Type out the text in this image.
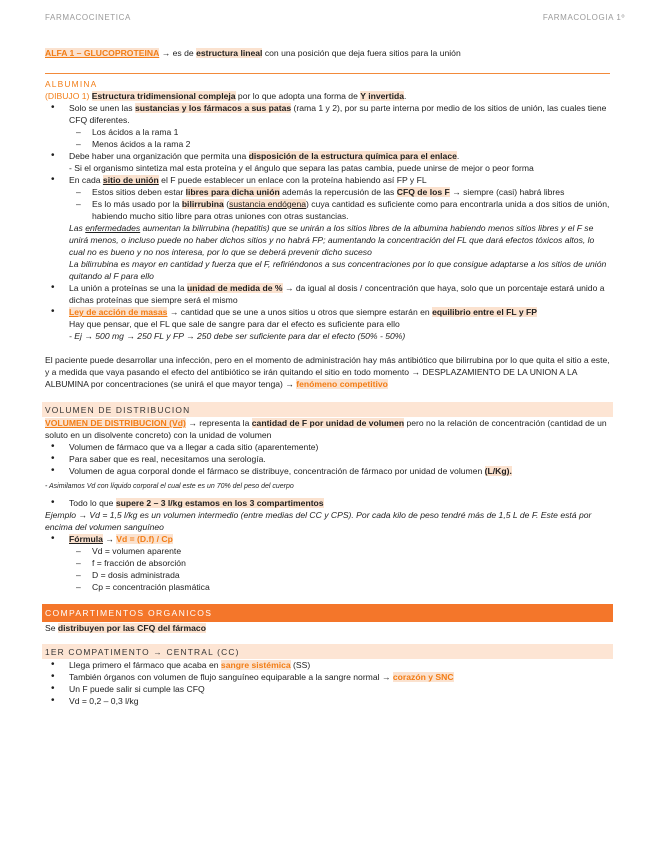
FARMACOCINETICA	FARMACOLOGIA 1º

ALFA 1 – GLUCOPROTEINA → es de estructura lineal con una posición que deja fuera sitios para la unión

ALBUMINA

(DIBUJO 1) Estructura tridimensional compleja por lo que adopta una forma de Y invertida.

• Solo se unen las sustancias y los fármacos a sus patas (rama 1 y 2), por su parte interna por medio de los sitios de unión, las cuales tiene CFQ diferentes.

– Los ácidos a la rama 1

– Menos ácidos a la rama 2

• Debe haber una organización que permita una disposición de la estructura química para el enlace.

- Si el organismo sintetiza mal esta proteína y el ángulo que separa las patas cambia, puede unirse de mejor o peor forma

• En cada sitio de unión el F puede establecer un enlace con la proteína habiendo así FP y FL

– Estos sitios deben estar libres para dicha unión además la repercusión de las CFQ de los F → siempre (casi) habrá libres

– Es lo más usado por la bilirrubina (sustancia endógena) cuya cantidad es suficiente como para encontrarla unida a dos sitios de unión, habiendo mucho sitio libre para otras uniones con otras sustancias.

Las enfermedades aumentan la bilirrubina (hepatitis) que se unirán a los sitios libres de la albumina habiendo menos sitios libres y el F se unirá menos, o incluso puede no haber dichos sitios y no habrá FP; aumentando la concentración del FL que dará efectos tóxicos altos, lo cual no es bueno y no nos interesa, por lo que se deberá prevenir dicho suceso

La bilirrubina es mayor en cantidad y fuerza que el F, refiriéndonos a sus concentraciones por lo que consigue adaptarse a los sitios de unión quitando al F para ello

• La unión a proteínas se una la unidad de medida de % → da igual al dosis / concentración que haya, solo que un porcentaje estará unido a dichas proteínas que siempre será el mismo

• Ley de acción de masas → cantidad que se une a unos sitios u otros que siempre estarán en equilibrio entre el FL y FP

Hay que pensar, que el FL que sale de sangre para dar el efecto es suficiente para ello

- Ej → 500 mg → 250 FL y FP → 250 debe ser suficiente para dar el efecto (50% - 50%)

El paciente puede desarrollar una infección, pero en el momento de administración hay más antibiótico que bilirrubina por lo que quita el sitio a este, y a medida que vaya pasando el efecto del antibiótico se irán quitando el sitio en todo momento → DESPLAZAMIENTO DE LA UNION A LA ALBUMINA por concentraciones (se unirá el que mayor tenga) → fenómeno competitivo

VOLUMEN DE DISTRIBUCION

VOLUMEN DE DISTRIBUCION (Vd) → representa la cantidad de F por unidad de volumen pero no la relación de concentración (cantidad de un soluto en un disolvente concreto) con la unidad de volumen

• Volumen de fármaco que va a llegar a cada sitio (aparentemente)

• Para saber que es real, necesitamos una serología.

• Volumen de agua corporal donde el fármaco se distribuye, concentración de fármaco por unidad de volumen (L/Kg).

- Asimilamos Vd con líquido corporal el cual este es un 70% del peso del cuerpo

• Todo lo que supere 2 – 3 l/kg estamos en los 3 compartimentos

Ejemplo → Vd = 1,5 l/kg es un volumen intermedio (entre medias del CC y CPS). Por cada kilo de peso tendré más de 1,5 L de F. Este está por encima del volumen sanguíneo

• Fórmula → Vd = (D.f) / Cp

– Vd = volumen aparente

– f = fracción de absorción

– D = dosis administrada

– Cp = concentración plasmática

COMPARTIMENTOS ORGANICOS

Se distribuyen por las CFQ del fármaco

1ER COMPATIMENTO → CENTRAL (CC)

• Llega primero el fármaco que acaba en sangre sistémica (SS)

• También órganos con volumen de flujo sanguíneo equiparable a la sangre normal → corazón y SNC

• Un F puede salir si cumple las CFQ

• Vd = 0,2 – 0,3 l/kg
